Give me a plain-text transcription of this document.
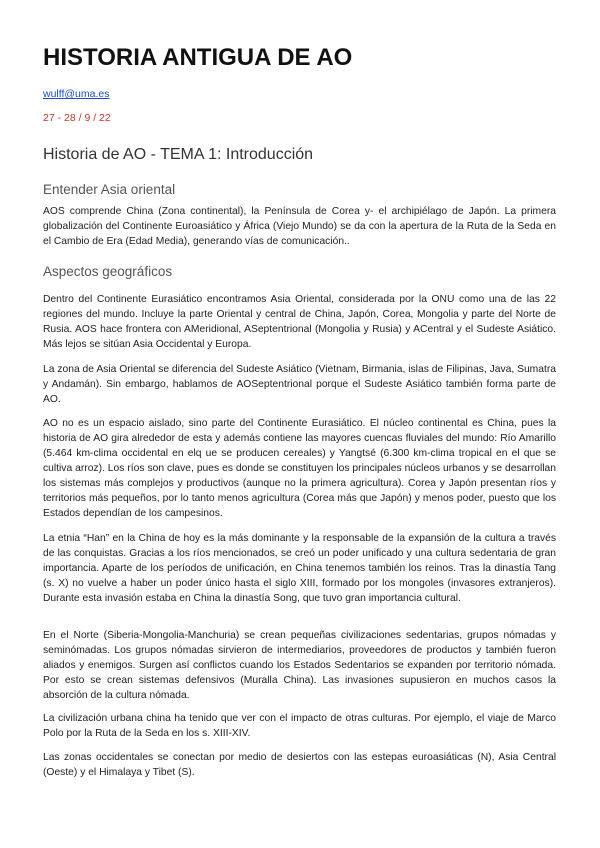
HISTORIA ANTIGUA DE AO
wulff@uma.es
27 - 28 / 9 / 22
Historia de AO - TEMA 1: Introducción
Entender Asia oriental

AOS comprende China (Zona continental), la Península de Corea y- el archipiélago de Japón. La primera globalización del Continente Euroasiático y África (Viejo Mundo) se da con la apertura de la Ruta de la Seda en el Cambio de Era (Edad Media), generando vías de comunicación..

Aspectos geográficos

Dentro del Continente Eurasiático encontramos Asia Oriental, considerada por la ONU como una de las 22 regiones del mundo. Incluye la parte Oriental y central de China, Japón, Corea, Mongolia y parte del Norte de Rusia. AOS hace frontera con AMeridional, ASeptentrional (Mongolia y Rusia) y ACentral y el Sudeste Asiático. Más lejos se sitúan Asia Occidental y Europa.

La zona de Asia Oriental se diferencia del Sudeste Asiático (Vietnam, Birmania, islas de Filipinas, Java, Sumatra y Andamán). Sin embargo, hablamos de AOSeptentrional porque el Sudeste Asiático también forma parte de AO.

AO no es un espacio aislado, sino parte del Continente Eurasiático. El núcleo continental es China, pues la historia de AO gira alrededor de esta y además contiene las mayores cuencas fluviales del mundo: Río Amarillo (5.464 km-clima occidental en elq ue se producen cereales) y Yangtsé (6.300 km-clima tropical en el que se cultiva arroz). Los ríos son clave, pues es donde se constituyen los principales núcleos urbanos y se desarrollan los sistemas más complejos y productivos (aunque no la primera agricultura). Corea y Japón presentan ríos y territorios más pequeños, por lo tanto menos agricultura (Corea más que Japón) y menos poder, puesto que los Estados dependían de los campesinos.

La etnia “Han” en la China de hoy es la más dominante y la responsable de la expansión de la cultura a través de las conquistas. Gracias a los ríos mencionados, se creó un poder unificado y una cultura sedentaria de gran importancia. Aparte de los períodos de unificación, en China tenemos también los reinos. Tras la dinastía Tang (s. X) no vuelve a haber un poder único hasta el siglo XIII, formado por los mongoles (invasores extranjeros). Durante esta invasión estaba en China la dinastía Song, que tuvo gran importancia cultural.

En el Norte (Siberia-Mongolia-Manchuria) se crean pequeñas civilizaciones sedentarias, grupos nómadas y seminómadas. Los grupos nómadas sirvieron de intermediarios, proveedores de productos y también fueron aliados y enemigos. Surgen así conflictos cuando los Estados Sedentarios se expanden por territorio nómada. Por esto se crean sistemas defensivos (Muralla China). Las invasiones supusieron en muchos casos la absorción de la cultura nómada.

La civilización urbana china ha tenido que ver con el impacto de otras culturas. Por ejemplo, el viaje de Marco Polo por la Ruta de la Seda en los s. XIII-XIV.

Las zonas occidentales se conectan por medio de desiertos con las estepas euroasiáticas (N), Asia Central (Oeste) y el Himalaya y Tibet (S).
